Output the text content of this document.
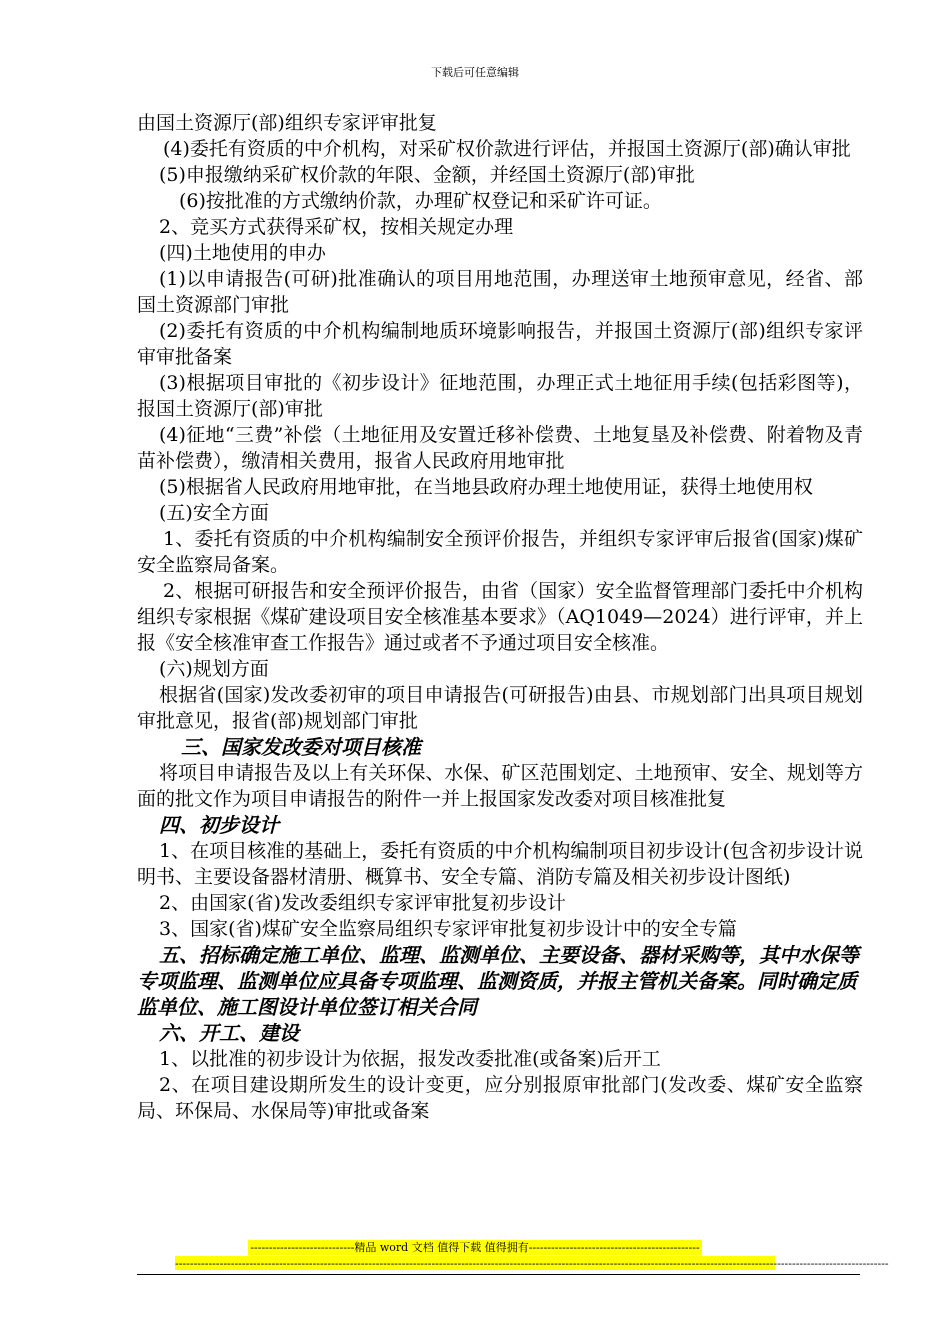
下载后可任意编辑

由国土资源厅(部)组织专家评审批复

(4)委托有资质的中介机构，对采矿权价款进行评估，并报国土资源厅(部)确认审批

(5)申报缴纳采矿权价款的年限、金额，并经国土资源厅(部)审批

(6)按批准的方式缴纳价款，办理矿权登记和采矿许可证。

2、竞买方式获得采矿权，按相关规定办理

(四)土地使用的申办

(1)以申请报告(可研)批准确认的项目用地范围，办理送审土地预审意见，经省、部国土资源部门审批

(2)委托有资质的中介机构编制地质环境影响报告，并报国土资源厅(部)组织专家评审审批备案

(3)根据项目审批的《初步设计》征地范围，办理正式土地征用手续(包括彩图等)，报国土资源厅(部)审批

(4)征地“三费”补偿（土地征用及安置迁移补偿费、土地复垦及补偿费、附着物及青苗补偿费），缴清相关费用，报省人民政府用地审批

(5)根据省人民政府用地审批，在当地县政府办理土地使用证，获得土地使用权

(五)安全方面

1、委托有资质的中介机构编制安全预评价报告，并组织专家评审后报省(国家)煤矿安全监察局备案。

2、根据可研报告和安全预评价报告，由省（国家）安全监督管理部门委托中介机构组织专家根据《煤矿建设项目安全核准基本要求》（AQ1049—2024）进行评审，并上报《安全核准审查工作报告》通过或者不予通过项目安全核准。

(六)规划方面

根据省(国家)发改委初审的项目申请报告(可研报告)由县、市规划部门出具项目规划审批意见，报省(部)规划部门审批

三、国家发改委对项目核准

将项目申请报告及以上有关环保、水保、矿区范围划定、土地预审、安全、规划等方面的批文作为项目申请报告的附件一并上报国家发改委对项目核准批复

四、初步设计

1、在项目核准的基础上，委托有资质的中介机构编制项目初步设计(包含初步设计说明书、主要设备器材清册、概算书、安全专篇、消防专篇及相关初步设计图纸)

2、由国家(省)发改委组织专家评审批复初步设计

3、国家(省)煤矿安全监察局组织专家评审批复初步设计中的安全专篇

五、招标确定施工单位、监理、监测单位、主要设备、器材采购等，其中水保等专项监理、监测单位应具备专项监理、监测资质，并报主管机关备案。同时确定质监单位、施工图设计单位签订相关合同

六、开工、建设

1、以批准的初步设计为依据，报发改委批准(或备案)后开工

2、在项目建设期所发生的设计变更，应分别报原审批部门(发改委、煤矿安全监察局、环保局、水保局等)审批或备案

----------------------------精品 word 文档 值得下载 值得拥有----------------------------------------------
------------------------------------------------------------------------------------------------------------------------------------------------------------------------------------------------
